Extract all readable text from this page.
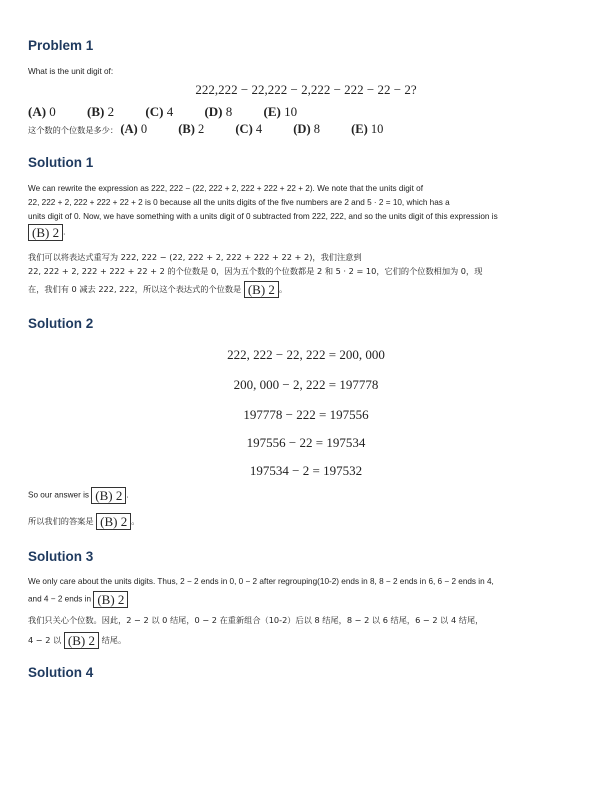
Problem 1
What is the unit digit of:
222,222 − 22,222 − 2,222 − 222 − 22 − 2?
(A) 0 (B) 2 (C) 4 (D) 8 (E) 10
这个数的个位数是多少： (A) 0 (B) 2 (C) 4 (D) 8 (E) 10
Solution 1
We can rewrite the expression as 222, 222 − (22, 222 + 2, 222 + 222 + 22 + 2). We note that the units digit of
22, 222 + 2, 222 + 222 + 22 + 2 is 0 because all the units digits of the five numbers are 2 and 5 · 2 = 10, which has a
units digit of 0. Now, we have something with a units digit of 0 subtracted from 222, 222, and so the units digit of this expression is
(B) 2 .
我们可以将表达式重写为 222, 222 − (22, 222 + 2, 222 + 222 + 22 + 2)，我们注意到
22, 222 + 2, 222 + 222 + 22 + 2 的个位数是 0，因为五个数的个位数都是 2 和 5 · 2 = 10，它们的个位数相加为 0，现
在，我们有 0 减去 222, 222，所以这个表达式的个位数是 (B) 2 。
Solution 2
222, 222 − 22, 222 = 200, 000
200, 000 − 2, 222 = 197778
197778 − 222 = 197556
197556 − 22 = 197534
197534 − 2 = 197532
So our answer is (B) 2 .
所以我们的答案是 (B) 2 。
Solution 3
We only care about the units digits. Thus, 2 − 2 ends in 0, 0 − 2 after regrouping(10-2) ends in 8, 8 − 2 ends in 6, 6 − 2 ends in 4,
and 4 − 2 ends in (B) 2
我们只关心个位数。因此，2 − 2 以 0 结尾，0 − 2 在重新组合（10-2）后以 8 结尾，8 − 2 以 6 结尾，6 − 2 以 4 结尾，
4 − 2 以 (B) 2 结尾。
Solution 4
